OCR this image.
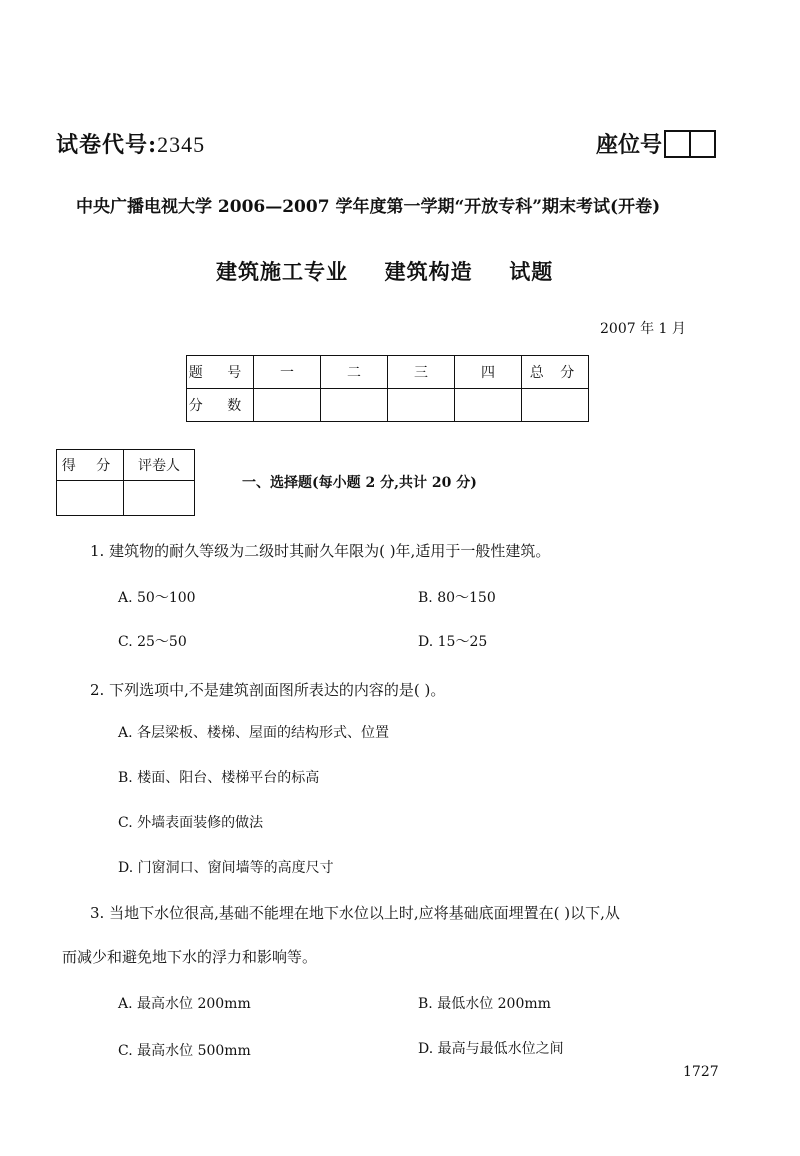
试卷代号:2345	座位号
中央广播电视大学 2006—2007 学年度第一学期“开放专科”期末考试(开卷)
建筑施工专业  建筑构造  试题
2007 年 1 月
题 号	一	二	三	四	总 分
分 数					
得 分	评卷人

一、选择题(每小题 2 分,共计 20 分)
1. 建筑物的耐久等级为二级时其耐久年限为( )年,适用于一般性建筑。
A. 50～100	B. 80～150
C. 25～50	D. 15～25
2. 下列选项中,不是建筑剖面图所表达的内容的是( )。
A. 各层梁板、楼梯、屋面的结构形式、位置
B. 楼面、阳台、楼梯平台的标高
C. 外墙表面装修的做法
D. 门窗洞口、窗间墙等的高度尺寸
3. 当地下水位很高,基础不能埋在地下水位以上时,应将基础底面埋置在( )以下,从
而减少和避免地下水的浮力和影响等。
A. 最高水位 200mm	B. 最低水位 200mm
C. 最高水位 500mm	D. 最高与最低水位之间
1727
